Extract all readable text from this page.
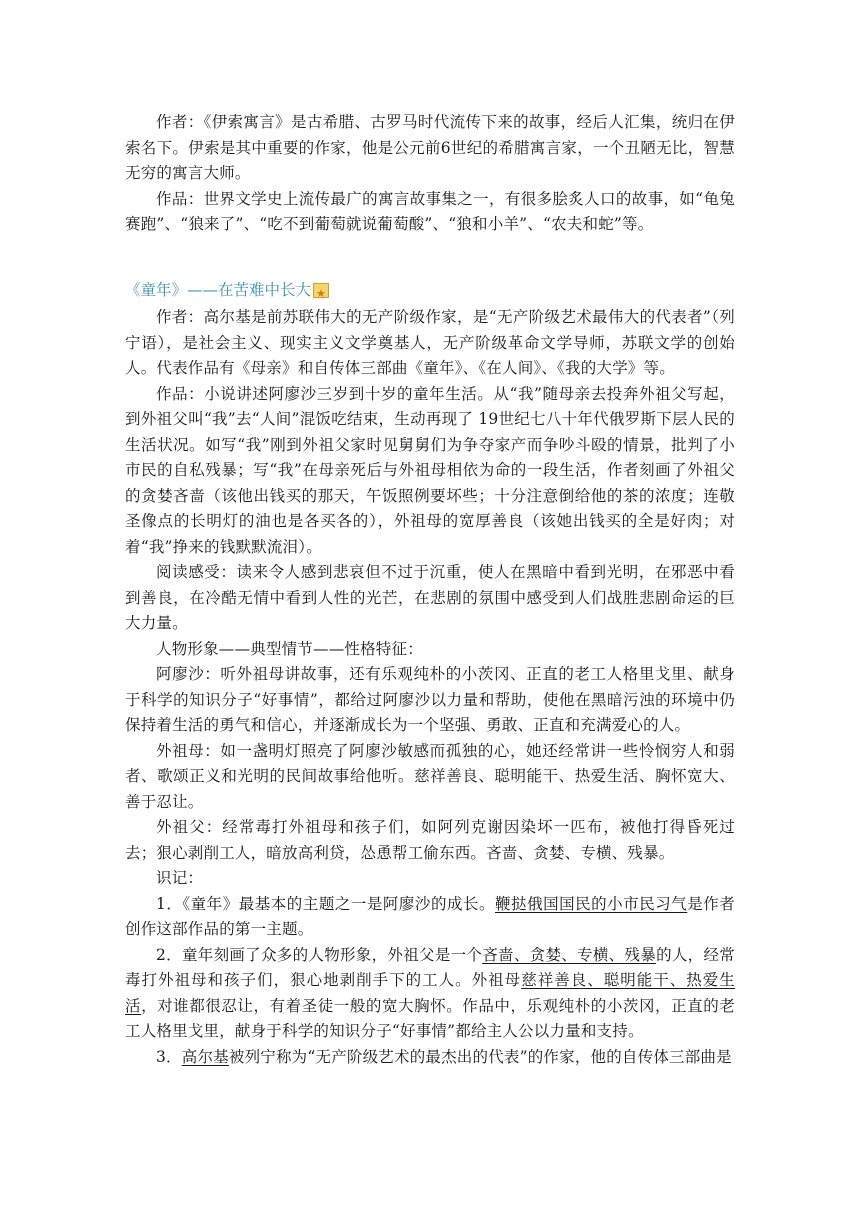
作者：《伊索寓言》是古希腊、古罗马时代流传下来的故事，经后人汇集，统归在伊索名下。伊索是其中重要的作家，他是公元前6世纪的希腊寓言家，一个丑陋无比，智慧无穷的寓言大师。

作品：世界文学史上流传最广的寓言故事集之一，有很多脍炙人口的故事，如“龟兔赛跑”、“狼来了”、“吃不到葡萄就说葡萄酸”、“狼和小羊”、“农夫和蛇”等。

《童年》——在苦难中长大
★

作者：高尔基是前苏联伟大的无产阶级作家，是“无产阶级艺术最伟大的代表者”（列宁语），是社会主义、现实主义文学奠基人，无产阶级革命文学导师，苏联文学的创始人。代表作品有《母亲》和自传体三部曲《童年》、《在人间》、《我的大学》等。

作品：小说讲述阿廖沙三岁到十岁的童年生活。从“我”随母亲去投奔外祖父写起，到外祖父叫“我”去“人间”混饭吃结束，生动再现了 19世纪七八十年代俄罗斯下层人民的生活状况。如写“我”刚到外祖父家时见舅舅们为争夺家产而争吵斗殴的情景，批判了小市民的自私残暴；写“我”在母亲死后与外祖母相依为命的一段生活，作者刻画了外祖父的贪婪吝啬（该他出钱买的那天，午饭照例要坏些；十分注意倒给他的茶的浓度；连敬圣像点的长明灯的油也是各买各的），外祖母的宽厚善良（该她出钱买的全是好肉；对着“我”挣来的钱默默流泪）。

阅读感受：读来令人感到悲哀但不过于沉重，使人在黑暗中看到光明，在邪恶中看到善良，在冷酷无情中看到人性的光芒，在悲剧的氛围中感受到人们战胜悲剧命运的巨大力量。

人物形象——典型情节——性格特征：

阿廖沙：听外祖母讲故事，还有乐观纯朴的小茨冈、正直的老工人格里戈里、献身于科学的知识分子“好事情”，都给过阿廖沙以力量和帮助，使他在黑暗污浊的环境中仍保持着生活的勇气和信心，并逐渐成长为一个坚强、勇敢、正直和充满爱心的人。

外祖母：如一盏明灯照亮了阿廖沙敏感而孤独的心，她还经常讲一些怜悯穷人和弱者、歌颂正义和光明的民间故事给他听。慈祥善良、聪明能干、热爱生活、胸怀宽大、善于忍让。

外祖父：经常毒打外祖母和孩子们，如阿列克谢因染坏一匹布，被他打得昏死过去；狠心剥削工人，暗放高利贷，怂恿帮工偷东西。吝啬、贪婪、专横、残暴。

识记：

1．《童年》最基本的主题之一是阿廖沙的成长。鞭挞俄国国民的小市民习气是作者创作这部作品的第一主题。

2．童年刻画了众多的人物形象，外祖父是一个吝啬、贪婪、专横、残暴的人，经常毒打外祖母和孩子们，狠心地剥削手下的工人。外祖母慈祥善良、聪明能干、热爱生活，对谁都很忍让，有着圣徒一般的宽大胸怀。作品中，乐观纯朴的小茨冈，正直的老工人格里戈里，献身于科学的知识分子“好事情”都给主人公以力量和支持。

3．高尔基被列宁称为“无产阶级艺术的最杰出的代表”的作家，他的自传体三部曲是
